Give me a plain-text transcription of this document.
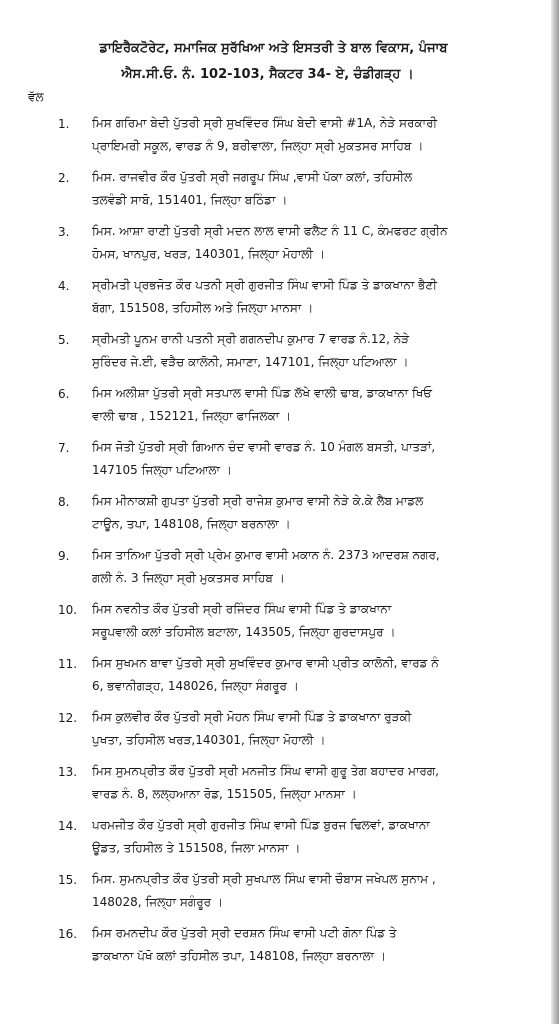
ਡਾਇਰੈਕਟੋਰੇਟ, ਸਮਾਜਿਕ ਸੁਰੱਖਿਆ ਅਤੇ ਇਸਤਰੀ ਤੇ ਬਾਲ ਵਿਕਾਸ, ਪੰਜਾਬ
ਐਸ.ਸੀ.ਓ. ਨੰ. 102-103, ਸੈਕਟਰ 34- ਏ, ਚੰਡੀਗੜ੍ਹ ।
ਵੱਲ
1.	ਮਿਸ ਗਰਿਮਾ ਬੇਦੀ ਪੁੱਤਰੀ ਸ੍ਰੀ ਸੁਖਵਿੰਦਰ ਸਿੰਘ ਬੇਦੀ ਵਾਸੀ #1A, ਨੇੜੇ ਸਰਕਾਰੀ
ਪ੍ਰਾਇਮਰੀ ਸਕੂਲ, ਵਾਰਡ ਨੰ 9, ਬਰੀਵਾਲਾ, ਜਿਲ੍ਹਾ ਸ੍ਰੀ ਮੁਕਤਸਰ ਸਾਹਿਬ ।
2.	ਮਿਸ. ਰਾਜਵੀਰ ਕੌਰ ਪੁੱਤਰੀ ਸ੍ਰੀ ਜਗਰੂਪ ਸਿੰਘ ,ਵਾਸੀ ਪੱਕਾ ਕਲਾਂ, ਤਹਿਸੀਲ
ਤਲਵੰਡੀ ਸਾਬੋ, 151401, ਜਿਲ੍ਹਾ ਬਠਿੰਡਾ ।
3.	ਮਿਸ. ਆਸ਼ਾ ਰਾਣੀ ਪੁੱਤਰੀ ਸ੍ਰੀ ਮਦਨ ਲਾਲ ਵਾਸੀ ਫਲੈਟ ਨੰ 11 C, ਕੰਮਫਰਟ ਗ੍ਰੀਨ
ਹੋਮਸ, ਖਾਨਪੁਰ, ਖਰੜ, 140301, ਜਿਲ੍ਹਾ ਮੋਹਾਲੀ ।
4.	ਸ੍ਰੀਮਤੀ ਪ੍ਰਭਜੋਤ ਕੌਰ ਪਤਨੀ ਸ੍ਰੀ ਗੁਰਜੀਤ ਸਿੰਘ ਵਾਸੀ ਪਿੰਡ ਤੇ ਡਾਕਖਾਨਾ ਭੈਣੀ
ਬੱਗਾ, 151508, ਤਹਿਸੀਲ ਅਤੇ ਜਿਲ੍ਹਾ ਮਾਨਸਾ ।
5.	ਸ੍ਰੀਮਤੀ ਪੂਨਮ ਰਾਨੀ ਪਤਨੀ ਸ੍ਰੀ ਗਗਨਦੀਪ ਕੁਮਾਰ 7 ਵਾਰਡ ਨੰ.12, ਨੇੜੇ
ਸੁਰਿੰਦਰ ਜੇ.ਈ, ਵੜੈਚ ਕਾਲੋਨੀ, ਸਮਾਣਾ, 147101, ਜਿਲ੍ਹਾ ਪਟਿਆਲਾ ।
6.	ਮਿਸ ਅਲੀਸ਼ਾ ਪੁੱਤਰੀ ਸ੍ਰੀ ਸਤਪਾਲ ਵਾਸੀ ਪਿੰਡ ਲੱਖੇ ਵਾਲੀ ਢਾਬ, ਡਾਕਖਾਨਾ ਖਿਓ
ਵਾਲੀ ਢਾਬ , 152121, ਜਿਲ੍ਹਾ ਫਾਜਿਲਕਾ ।
7.	ਮਿਸ ਜੋਤੀ ਪੁੱਤਰੀ ਸ੍ਰੀ ਗਿਆਨ ਚੰਦ ਵਾਸੀ ਵਾਰਡ ਨੰ. 10 ਮੰਗਲ ਬਸਤੀ, ਪਾਤੜਾਂ,
147105 ਜਿਲ੍ਹਾ ਪਟਿਆਲਾ ।
8.	ਮਿਸ ਮੀਨਾਕਸ਼ੀ ਗੁਪਤਾ ਪੁੱਤਰੀ ਸ੍ਰੀ ਰਾਜੇਸ਼ ਕੁਮਾਰ ਵਾਸੀ ਨੇੜੇ ਕੇ.ਕੇ ਲੈਬ ਮਾਡਲ
ਟਾਊਨ, ਤਪਾ, 148108, ਜਿਲ੍ਹਾ ਬਰਨਾਲਾ ।
9.	ਮਿਸ ਤਾਨਿਆ ਪੁੱਤਰੀ ਸ੍ਰੀ ਪ੍ਰੇਮ ਕੁਮਾਰ ਵਾਸੀ ਮਕਾਨ ਨੰ. 2373 ਆਦਰਸ਼ ਨਗਰ,
ਗਲੀ ਨੰ. 3 ਜਿਲ੍ਹਾ ਸ੍ਰੀ ਮੁਕਤਸਰ ਸਾਹਿਬ ।
10.	ਮਿਸ ਨਵਨੀਤ ਕੌਰ ਪੁੱਤਰੀ ਸ੍ਰੀ ਰਜਿੰਦਰ ਸਿੰਘ ਵਾਸੀ ਪਿੰਡ ਤੇ ਡਾਕਖਾਨਾ
ਸਰੂਪਵਾਲੀ ਕਲਾਂ ਤਹਿਸੀਲ ਬਟਾਲਾ, 143505, ਜਿਲ੍ਹਾ ਗੁਰਦਾਸਪੁਰ ।
11.	ਮਿਸ ਸੁਖਮਨ ਬਾਵਾ ਪੁੱਤਰੀ ਸ੍ਰੀ ਸੁਖਵਿੰਦਰ ਕੁਮਾਰ ਵਾਸੀ ਪ੍ਰੀਤ ਕਾਲੋਨੀ, ਵਾਰਡ ਨੰ
6, ਭਵਾਨੀਗੜ੍ਹ, 148026, ਜਿਲ੍ਹਾ ਸੰਗਰੂਰ ।
12.	ਮਿਸ ਕੁਲਵੀਰ ਕੌਰ ਪੁੱਤਰੀ ਸ੍ਰੀ ਮੋਹਨ ਸਿੰਘ ਵਾਸੀ ਪਿੰਡ ਤੇ ਡਾਕਖਾਨਾ ਰੁੜਕੀ
ਪੁਖਤਾ, ਤਹਿਸੀਲ ਖਰੜ,140301, ਜਿਲ੍ਹਾ ਮੋਹਾਲੀ ।
13.	ਮਿਸ ਸੁਮਨਪ੍ਰੀਤ ਕੌਰ ਪੁੱਤਰੀ ਸ੍ਰੀ ਮਨਜੀਤ ਸਿੰਘ ਵਾਸੀ ਗੁਰੂ ਤੇਗ ਬਹਾਦਰ ਮਾਰਗ,
ਵਾਰਡ ਨੰ. 8, ਲਲ੍ਹਆਨਾ ਰੋਡ, 151505, ਜਿਲ੍ਹਾ ਮਾਨਸਾ ।
14.	ਪਰਮਜੀਤ ਕੌਰ ਪੁੱਤਰੀ ਸ੍ਰੀ ਗੁਰਜੀਤ ਸਿੰਘ ਵਾਸੀ ਪਿੰਡ ਬੁਰਜ ਢਿਲਵਾਂ, ਡਾਕਖਾਨਾ
ਊਡਤ, ਤਹਿਸੀਲ ਤੇ 151508, ਜਿਲਾ ਮਾਨਸਾ ।
15.	ਮਿਸ. ਸੁਮਨਪ੍ਰੀਤ ਕੌਰ ਪੁੱਤਰੀ ਸ੍ਰੀ ਸੁਖਪਾਲ ਸਿੰਘ ਵਾਸੀ ਚੌਬਾਸ ਜਖੇਪਲ ਸੁਨਾਮ ,
148028, ਜਿਲ੍ਹਾ ਸਗੰਰੂਰ ।
16.	ਮਿਸ ਰਮਨਦੀਪ ਕੌਰ ਪੁੱਤਰੀ ਸ੍ਰੀ ਦਰਸ਼ਨ ਸਿੰਘ ਵਾਸੀ ਪਟੀ ਗੋਨਾ ਪਿੰਡ ਤੇ
ਡਾਕਖਾਨਾ ਪੱਖੋ ਕਲਾਂ ਤਹਿਸੀਲ ਤਪਾ, 148108, ਜਿਲ੍ਹਾ ਬਰਨਾਲਾ ।
